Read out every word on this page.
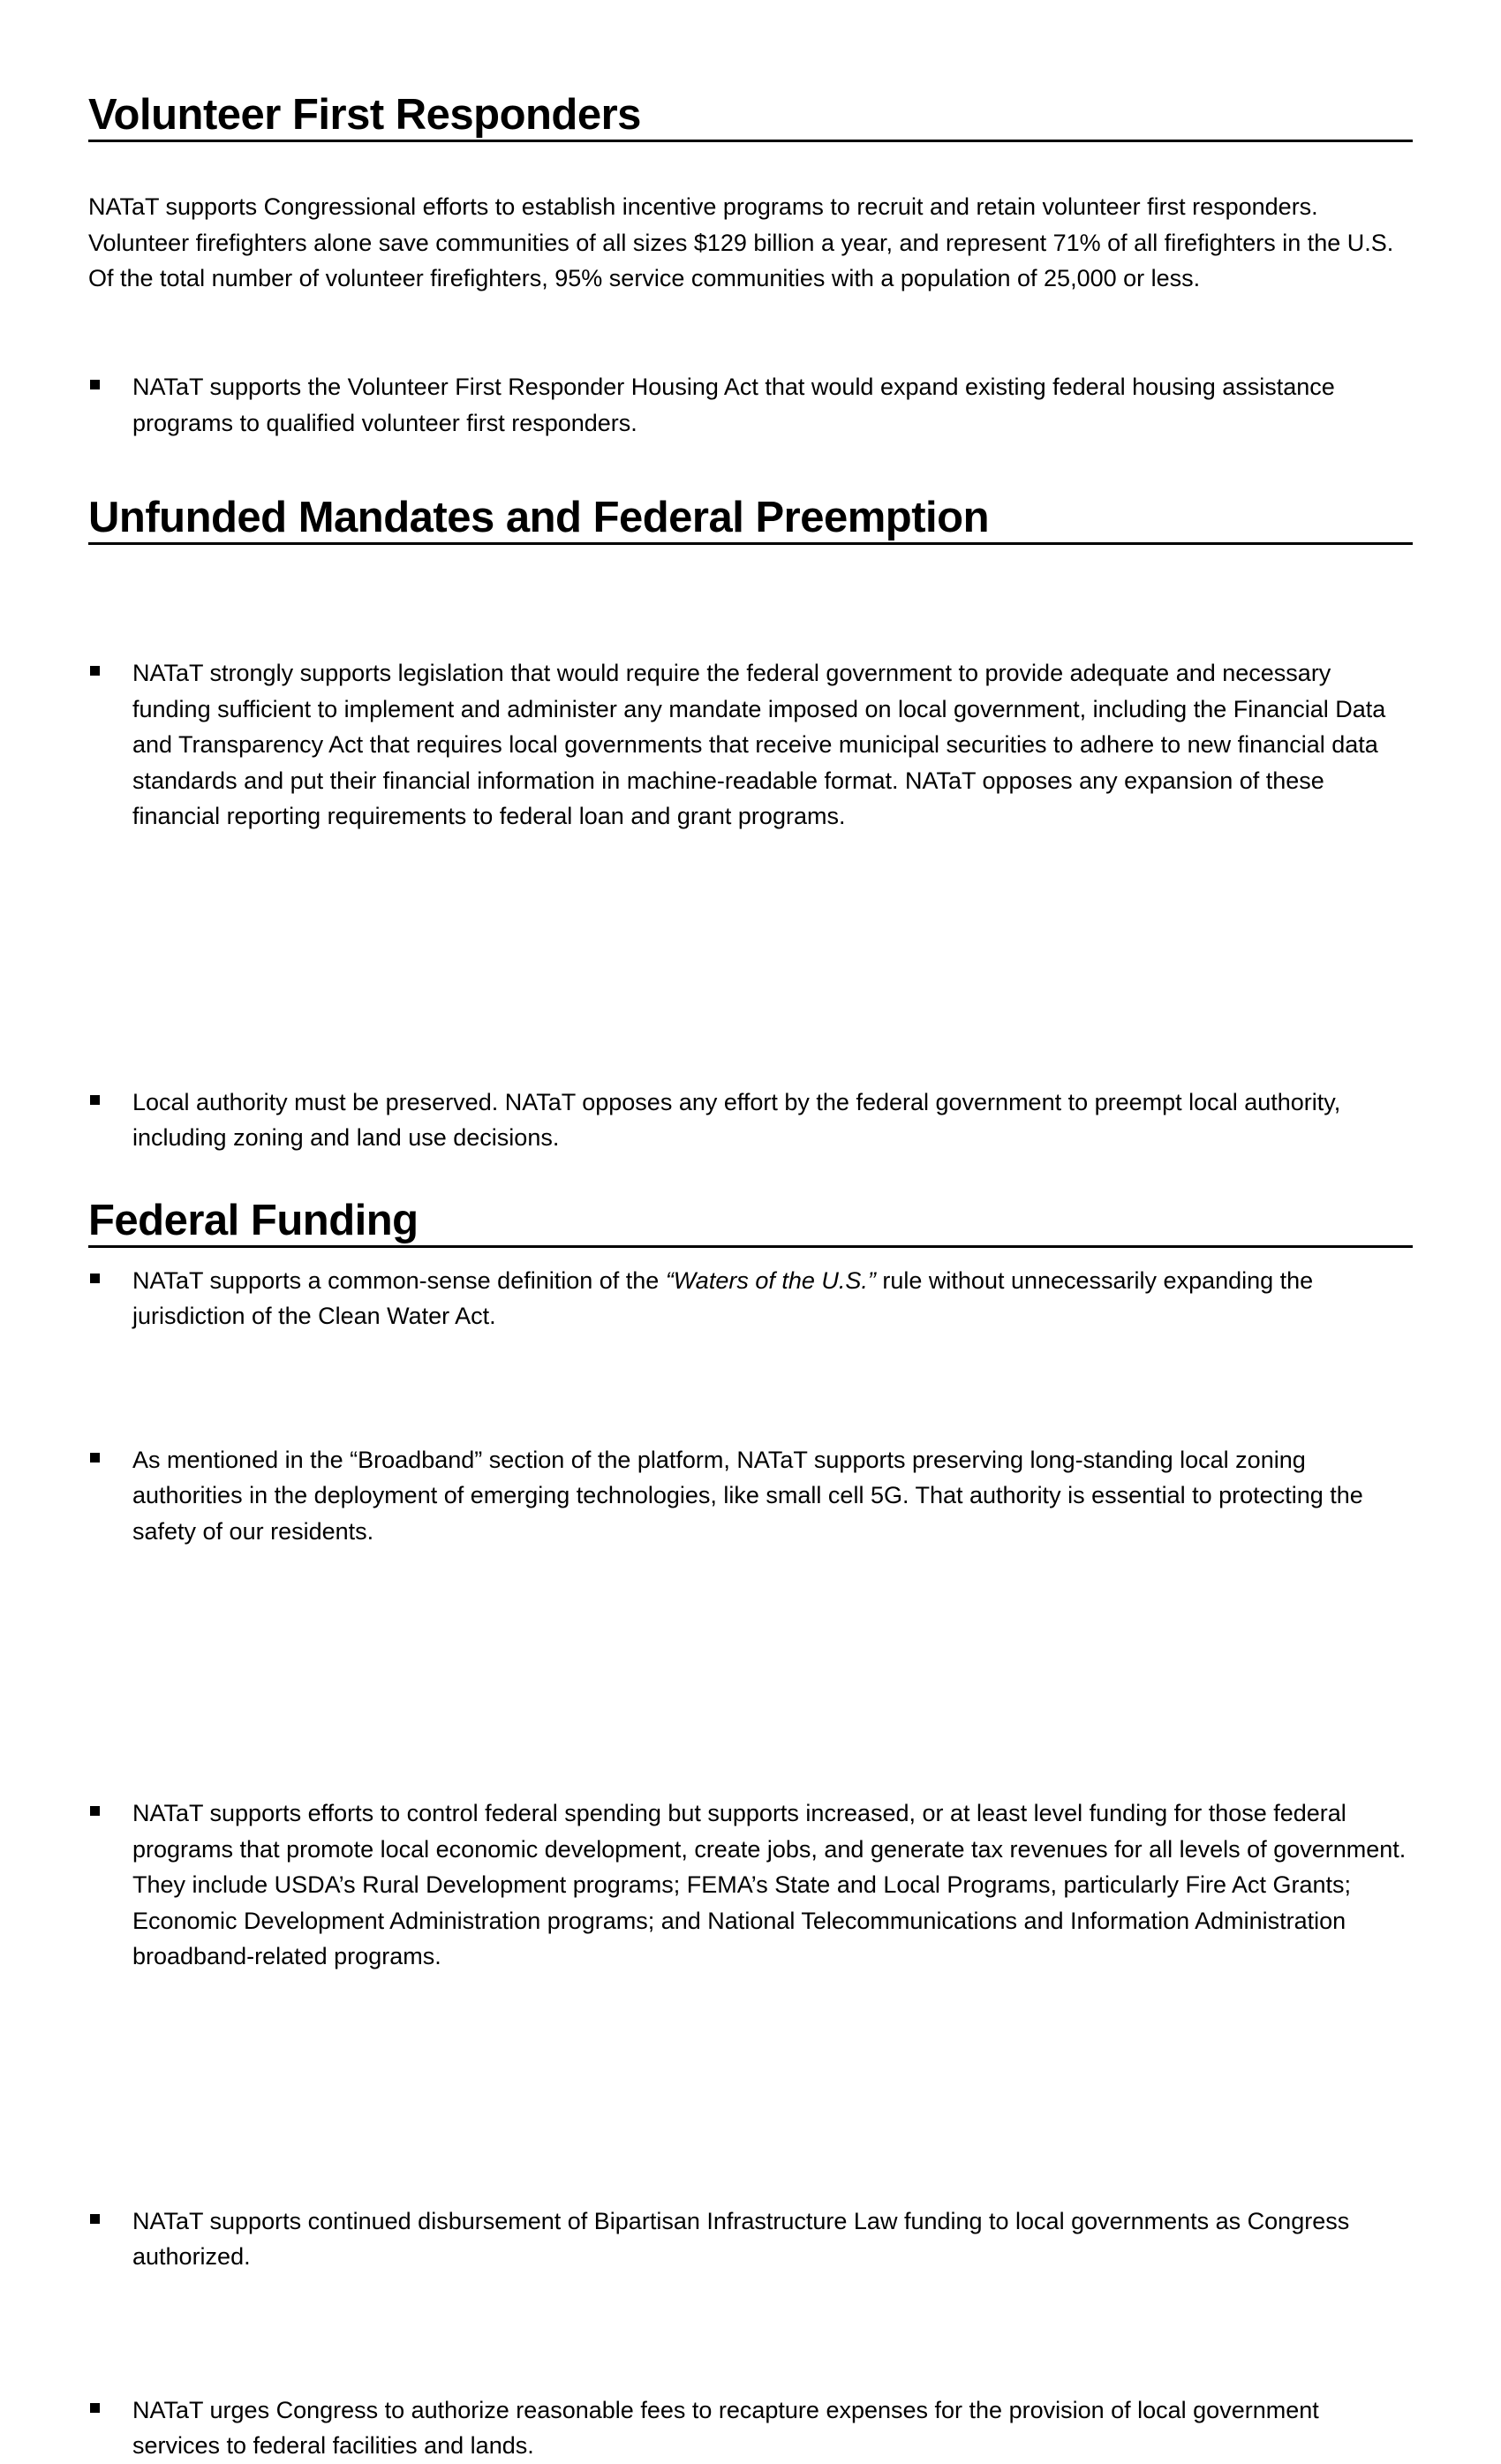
Volunteer First Responders

NATaT supports Congressional efforts to establish incentive programs to recruit and retain volunteer first responders. Volunteer firefighters alone save communities of all sizes $129 billion a year, and represent 71% of all firefighters in the U.S. Of the total number of volunteer firefighters, 95% service communities with a population of 25,000 or less.

NATaT supports the Volunteer First Responder Housing Act that would expand existing federal housing assistance programs to qualified volunteer first responders.
Unfunded Mandates and Federal Preemption
NATaT strongly supports legislation that would require the federal government to provide adequate and necessary funding sufficient to implement and administer any mandate imposed on local government, including the Financial Data and Transparency Act that requires local governments that receive municipal securities to adhere to new financial data standards and put their financial information in machine-readable format. NATaT opposes any expansion of these financial reporting requirements to federal loan and grant programs.
Local authority must be preserved. NATaT opposes any effort by the federal government to preempt local authority, including zoning and land use decisions.
NATaT supports a common-sense definition of the “Waters of the U.S.” rule without unnecessarily expanding the jurisdiction of the Clean Water Act.
As mentioned in the “Broadband” section of the platform, NATaT supports preserving long-standing local zoning authorities in the deployment of emerging technologies, like small cell 5G. That authority is essential to protecting the safety of our residents.
Federal Funding
NATaT supports efforts to control federal spending but supports increased, or at least level funding for those federal programs that promote local economic development, create jobs, and generate tax revenues for all levels of government. They include USDA’s Rural Development programs; FEMA’s State and Local Programs, particularly Fire Act Grants; Economic Development Administration programs; and National Telecommunications and Information Administration broadband-related programs.
NATaT supports continued disbursement of Bipartisan Infrastructure Law funding to local governments as Congress authorized.
NATaT urges Congress to authorize reasonable fees to recapture expenses for the provision of local government services to federal facilities and lands.
